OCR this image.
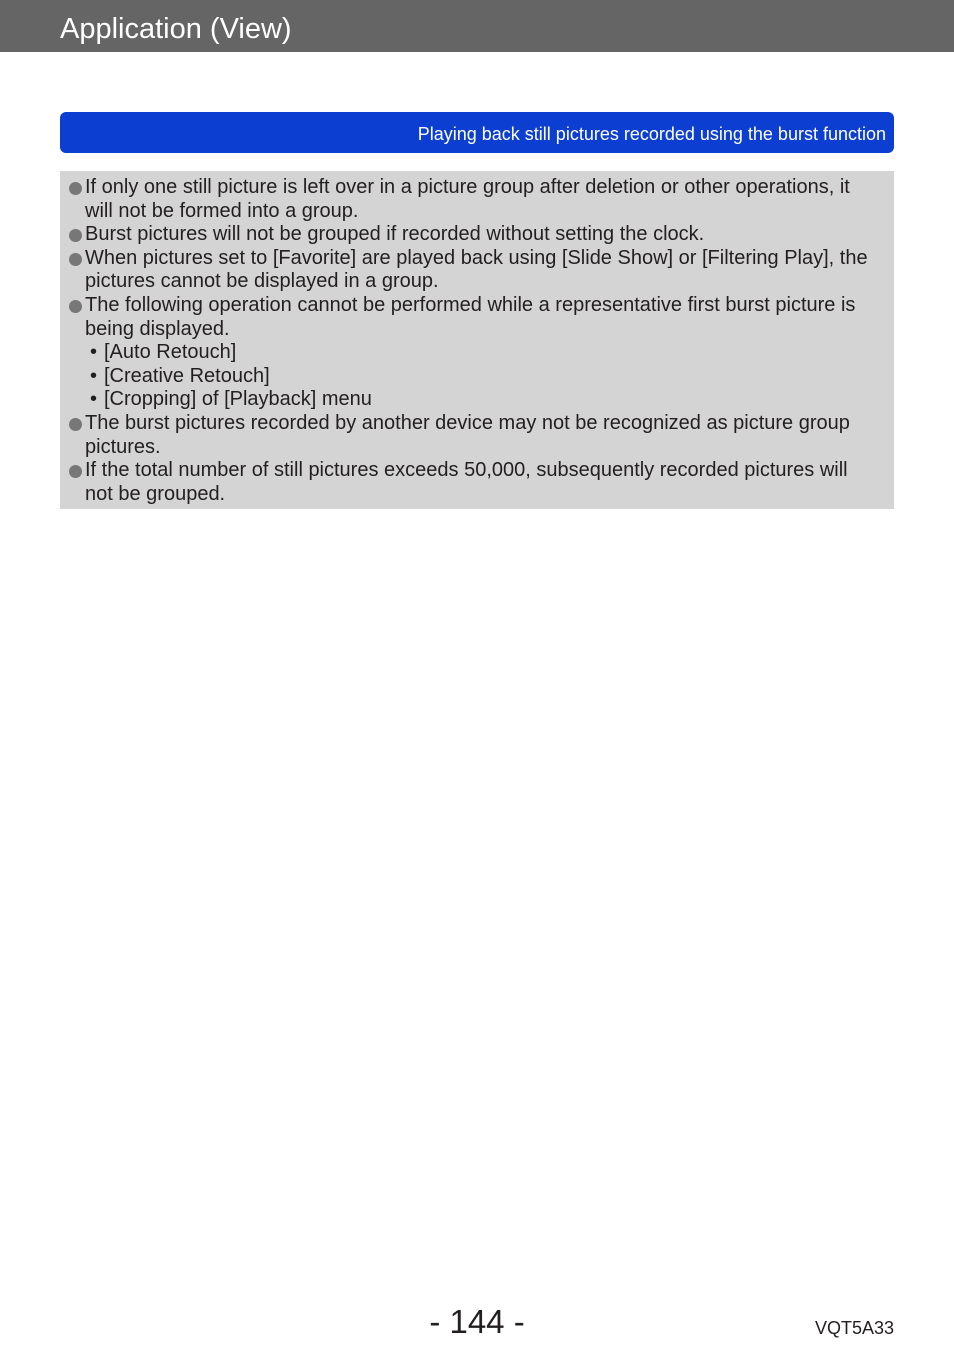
Application (View)
Playing back still pictures recorded using the burst function
If only one still picture is left over in a picture group after deletion or other operations, it will not be formed into a group.
Burst pictures will not be grouped if recorded without setting the clock.
When pictures set to [Favorite] are played back using [Slide Show] or [Filtering Play], the pictures cannot be displayed in a group.
The following operation cannot be performed while a representative first burst picture is being displayed.
• [Auto Retouch]
• [Creative Retouch]
• [Cropping] of [Playback] menu
The burst pictures recorded by another device may not be recognized as picture group pictures.
If the total number of still pictures exceeds 50,000, subsequently recorded pictures will not be grouped.
- 144 -	VQT5A33
